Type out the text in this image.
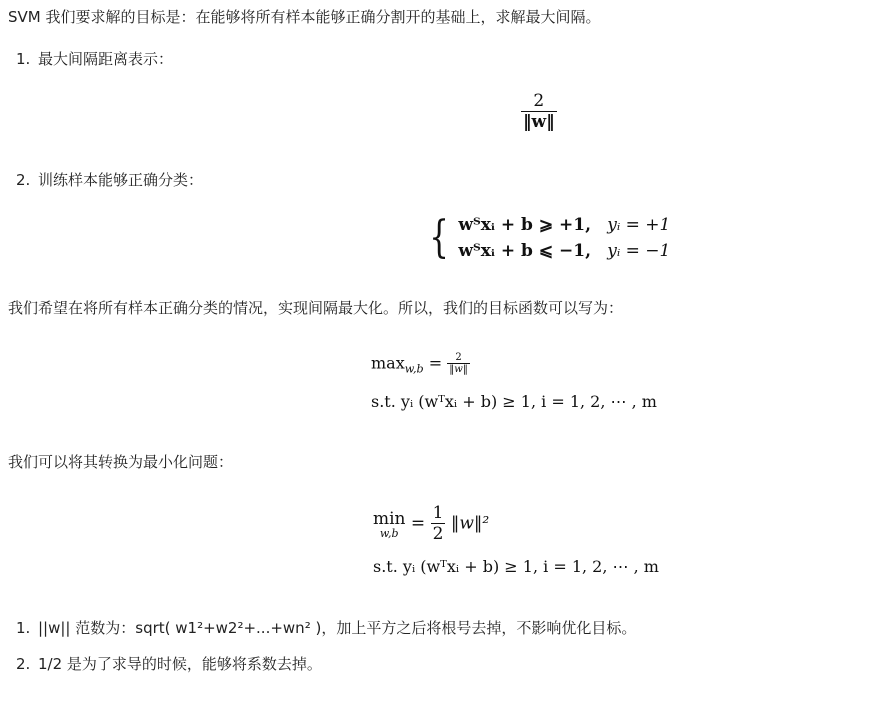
SVM 我们要求解的目标是：在能够将所有样本能够正确分割开的基础上，求解最大间隔。
1. 最大间隔距离表示：
$\frac{2}{‖w‖}$
2. 训练样本能够正确分类：
{ wᵀxᵢ + b ⩾ +1, yᵢ = +1
wᵀxᵢ + b ⩽ −1, yᵢ = −1
我们希望在将所有样本正确分类的情况，实现间隔最大化。所以，我们的目标函数可以写为：
$\max_{w,b} = \frac{2}{‖w‖}$
s.t. yᵢ (wᵀxᵢ + b) ≥ 1, i = 1, 2, ⋯ , m
我们可以将其转换为最小化问题：
min
$w,b = \frac{1}{2}$ ‖w‖²
s.t. yᵢ (wᵀxᵢ + b) ≥ 1, i = 1, 2, ⋯ , m
1. ||w|| 范数为：sqrt( w1²+w2²+...+wn² )，加上平方之后将根号去掉，不影响优化目标。
2. 1/2 是为了求导的时候，能够将系数去掉。
